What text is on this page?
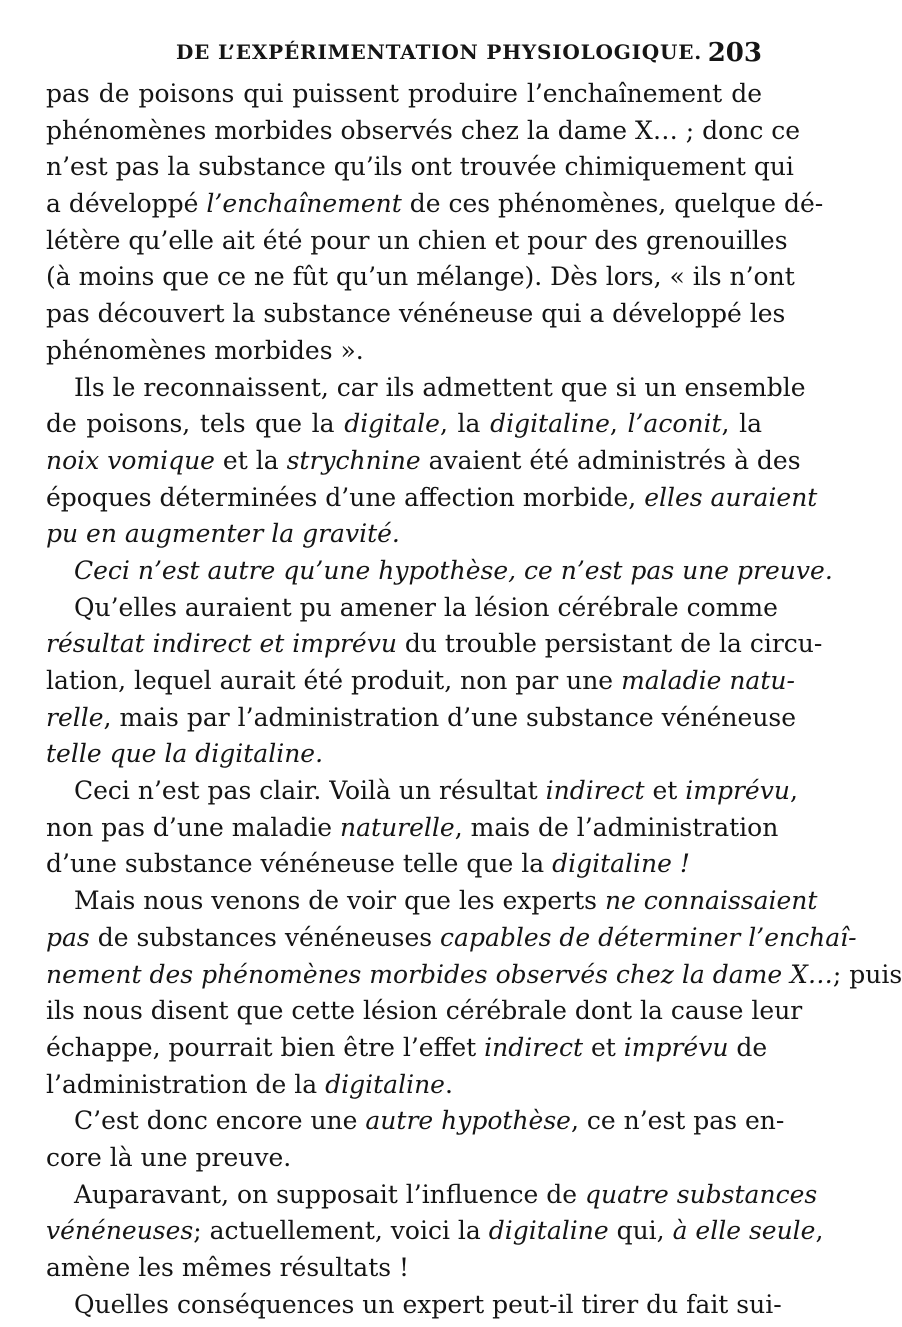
DE L’EXPÉRIMENTATION PHYSIOLOGIQUE. 203
pas de poisons qui puissent produire l’enchaînement de
phénomènes morbides observés chez la dame X… ; donc ce
n’est pas la substance qu’ils ont trouvée chimiquement qui
a développé l’enchaînement de ces phénomènes, quelque dé-
létère qu’elle ait été pour un chien et pour des grenouilles
(à moins que ce ne fût qu’un mélange). Dès lors, « ils n’ont
pas découvert la substance vénéneuse qui a développé les
phénomènes morbides ».
Ils le reconnaissent, car ils admettent que si un ensemble
de poisons, tels que la digitale, la digitaline, l’aconit, la
noix vomique et la strychnine avaient été administrés à des
époques déterminées d’une affection morbide, elles auraient
pu en augmenter la gravité.
Ceci n’est autre qu’une hypothèse, ce n’est pas une preuve.
Qu’elles auraient pu amener la lésion cérébrale comme
résultat indirect et imprévu du trouble persistant de la circu-
lation, lequel aurait été produit, non par une maladie natu-
relle, mais par l’administration d’une substance vénéneuse
telle que la digitaline.
Ceci n’est pas clair. Voilà un résultat indirect et imprévu,
non pas d’une maladie naturelle, mais de l’administration
d’une substance vénéneuse telle que la digitaline !
Mais nous venons de voir que les experts ne connaissaient
pas de substances vénéneuses capables de déterminer l’enchaî-
nement des phénomènes morbides observés chez la dame X…; puis
ils nous disent que cette lésion cérébrale dont la cause leur
échappe, pourrait bien être l’effet indirect et imprévu de
l’administration de la digitaline.
C’est donc encore une autre hypothèse, ce n’est pas en-
core là une preuve.
Auparavant, on supposait l’influence de quatre substances
vénéneuses; actuellement, voici la digitaline qui, à elle seule,
amène les mêmes résultats !
Quelles conséquences un expert peut-il tirer du fait sui-
